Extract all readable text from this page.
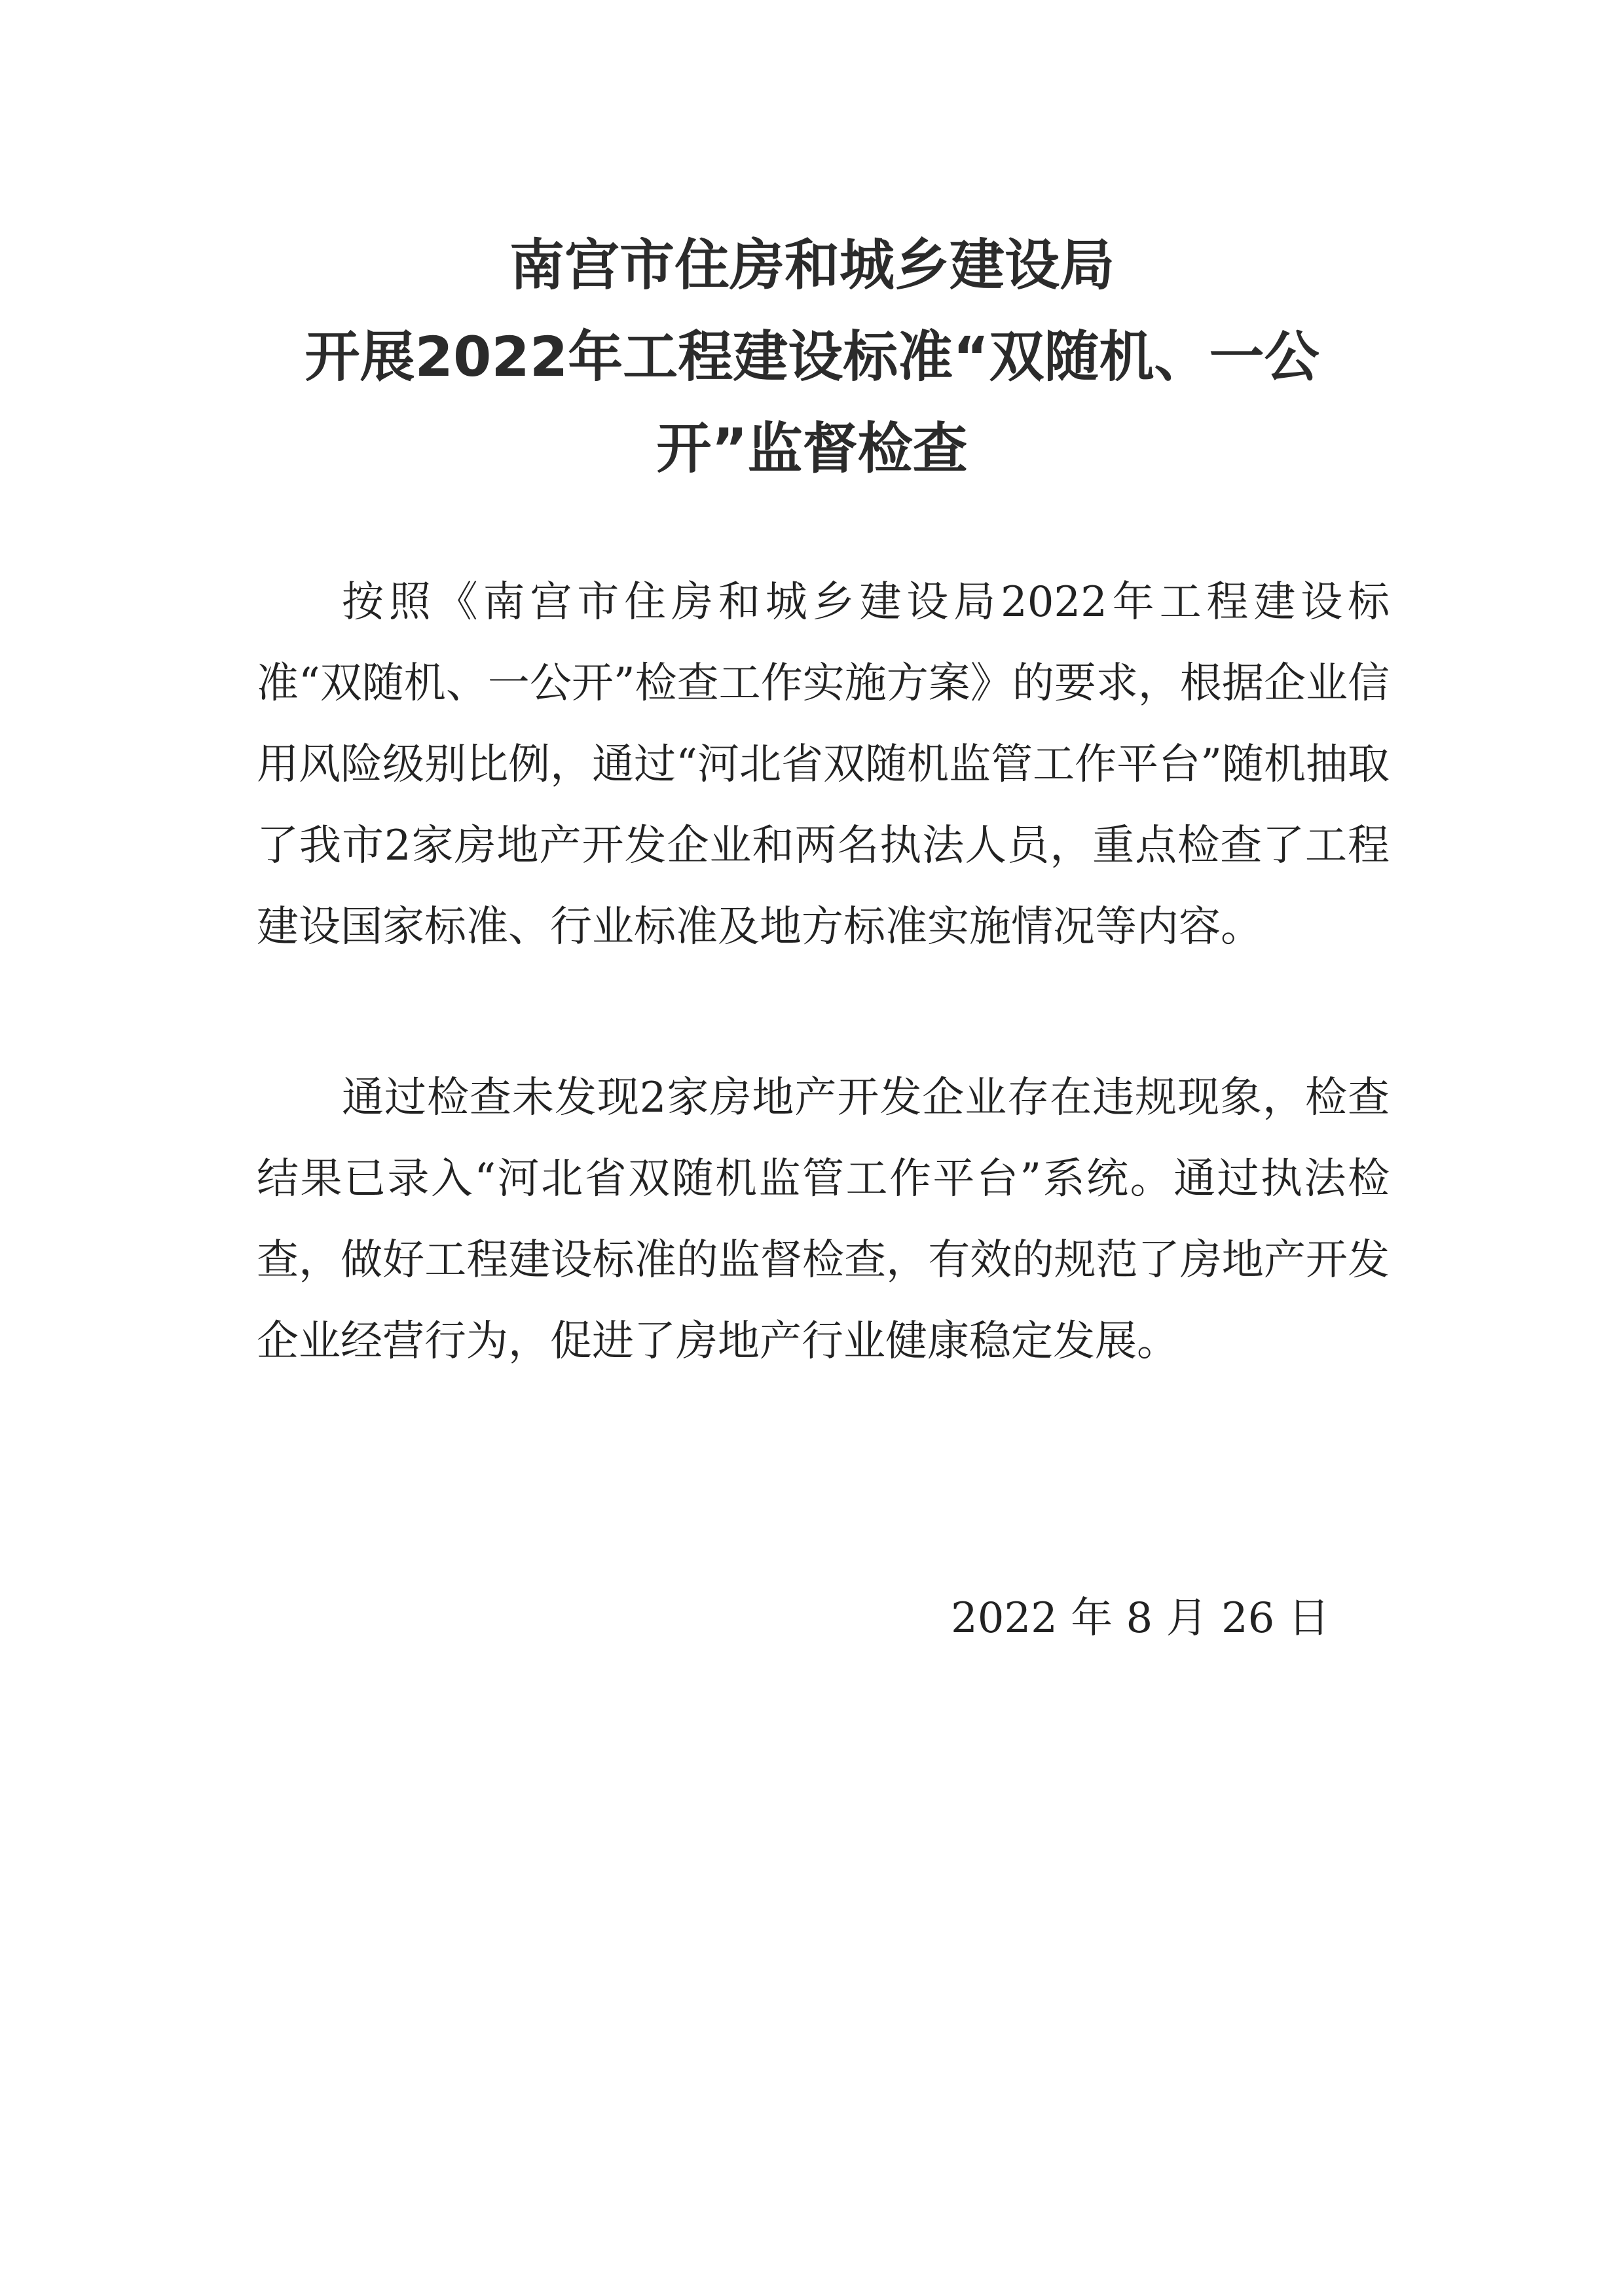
南宫市住房和城乡建设局
开展2022年工程建设标准“双随机、一公
开”监督检查
按照《南宫市住房和城乡建设局2022年工程建设标准“双随机、一公开”检查工作实施方案》的要求，根据企业信用风险级别比例，通过“河北省双随机监管工作平台”随机抽取了我市2家房地产开发企业和两名执法人员，重点检查了工程建设国家标准、行业标准及地方标准实施情况等内容。
通过检查未发现2家房地产开发企业存在违规现象，检查结果已录入“河北省双随机监管工作平台”系统。通过执法检查，做好工程建设标准的监督检查，有效的规范了房地产开发企业经营行为，促进了房地产行业健康稳定发展。
2022 年 8 月 26 日
